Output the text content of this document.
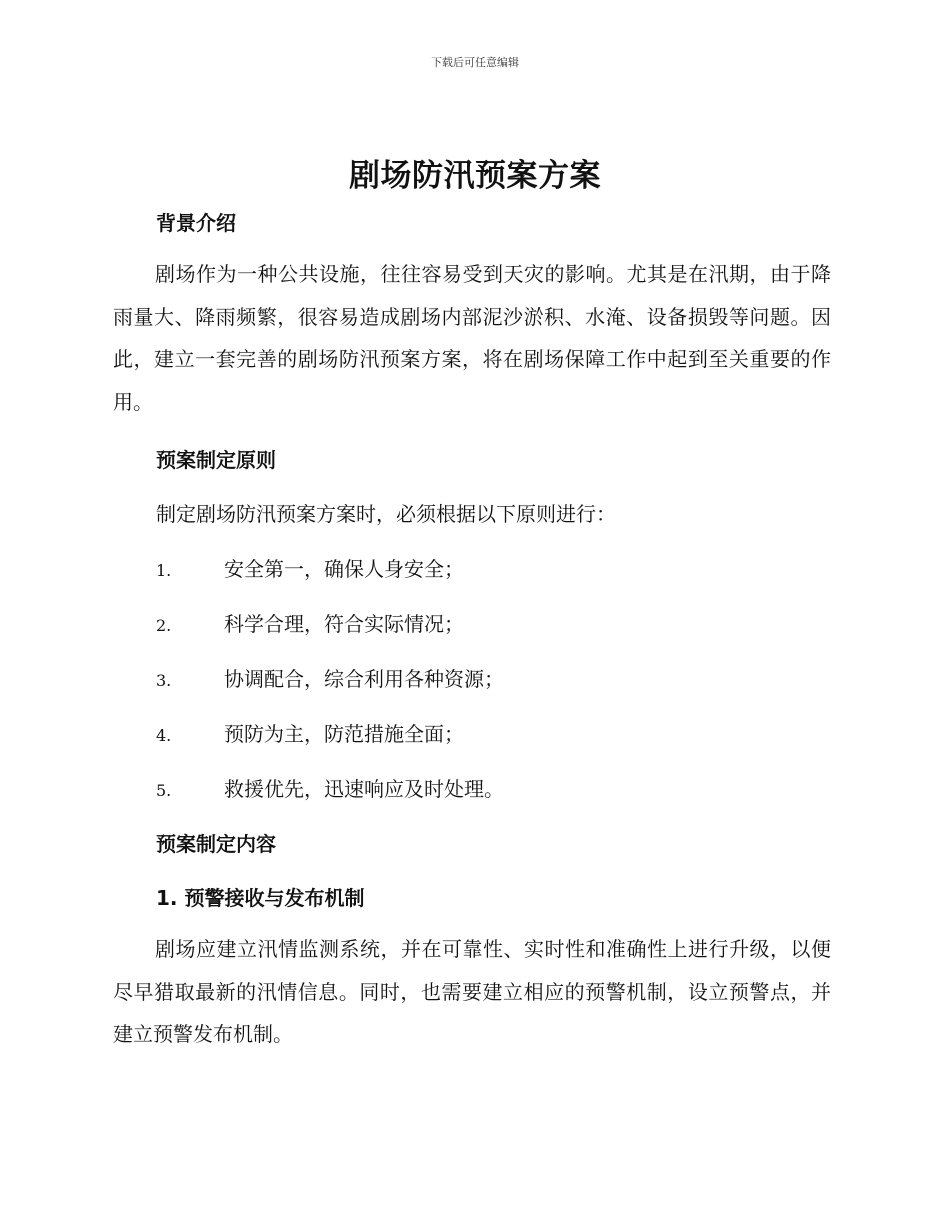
下载后可任意编辑
剧场防汛预案方案
背景介绍
剧场作为一种公共设施，往往容易受到天灾的影响。尤其是在汛期，由于降雨量大、降雨频繁，很容易造成剧场内部泥沙淤积、水淹、设备损毁等问题。因此，建立一套完善的剧场防汛预案方案，将在剧场保障工作中起到至关重要的作用。
预案制定原则
制定剧场防汛预案方案时，必须根据以下原则进行：
1.	安全第一，确保人身安全；
2.	科学合理，符合实际情况；
3.	协调配合，综合利用各种资源；
4.	预防为主，防范措施全面；
5.	救援优先，迅速响应及时处理。
预案制定内容
1. 预警接收与发布机制
剧场应建立汛情监测系统，并在可靠性、实时性和准确性上进行升级，以便尽早猎取最新的汛情信息。同时，也需要建立相应的预警机制，设立预警点，并建立预警发布机制。
